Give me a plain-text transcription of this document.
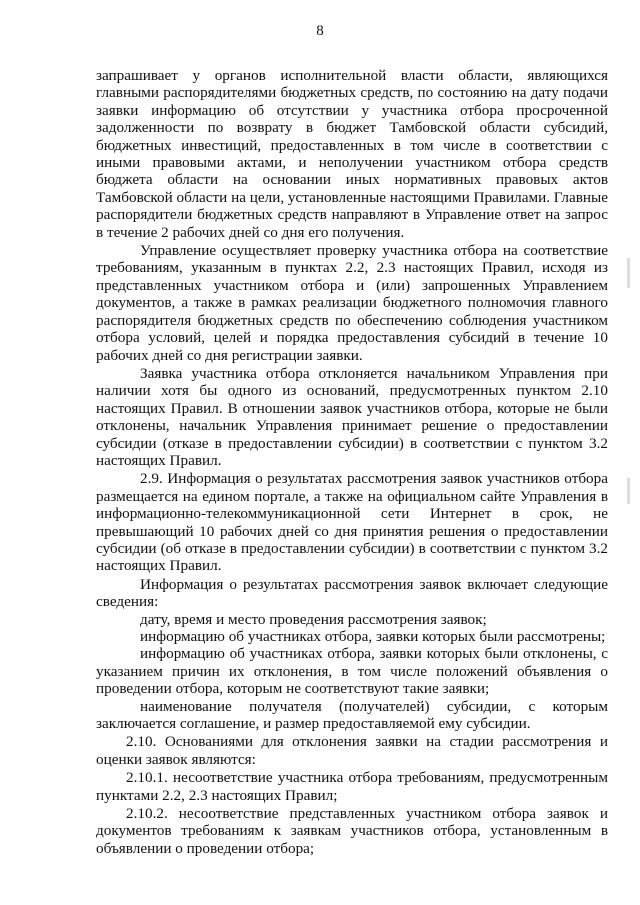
8

запрашивает у органов исполнительной власти области, являющихся главными распорядителями бюджетных средств, по состоянию на дату подачи заявки информацию об отсутствии у участника отбора просроченной задолженности по возврату в бюджет Тамбовской области субсидий, бюджетных инвестиций, предоставленных в том числе в соответствии с иными правовыми актами, и неполучении участником отбора средств бюджета области на основании иных нормативных правовых актов Тамбовской области на цели, установленные настоящими Правилами. Главные распорядители бюджетных средств направляют в Управление ответ на запрос в течение 2 рабочих дней со дня его получения.

Управление осуществляет проверку участника отбора на соответствие требованиям, указанным в пунктах 2.2, 2.3 настоящих Правил, исходя из представленных участником отбора и (или) запрошенных Управлением документов, а также в рамках реализации бюджетного полномочия главного распорядителя бюджетных средств по обеспечению соблюдения участником отбора условий, целей и порядка предоставления субсидий в течение 10 рабочих дней со дня регистрации заявки.

Заявка участника отбора отклоняется начальником Управления при наличии хотя бы одного из оснований, предусмотренных пунктом 2.10 настоящих Правил. В отношении заявок участников отбора, которые не были отклонены, начальник Управления принимает решение о предоставлении субсидии (отказе в предоставлении субсидии) в соответствии с пунктом 3.2 настоящих Правил.

2.9. Информация о результатах рассмотрения заявок участников отбора размещается на едином портале, а также на официальном сайте Управления в информационно-телекоммуникационной сети Интернет в срок, не превышающий 10 рабочих дней со дня принятия решения о предоставлении субсидии (об отказе в предоставлении субсидии) в соответствии с пунктом 3.2 настоящих Правил.

Информация о результатах рассмотрения заявок включает следующие сведения:

дату, время и место проведения рассмотрения заявок;

информацию об участниках отбора, заявки которых были рассмотрены;

информацию об участниках отбора, заявки которых были отклонены, с указанием причин их отклонения, в том числе положений объявления о проведении отбора, которым не соответствуют такие заявки;

наименование получателя (получателей) субсидии, с которым заключается соглашение, и размер предоставляемой ему субсидии.

2.10. Основаниями для отклонения заявки на стадии рассмотрения и оценки заявок являются:

2.10.1. несоответствие участника отбора требованиям, предусмотренным пунктами 2.2, 2.3 настоящих Правил;

2.10.2. несоответствие представленных участником отбора заявок и документов требованиям к заявкам участников отбора, установленным в объявлении о проведении отбора;
